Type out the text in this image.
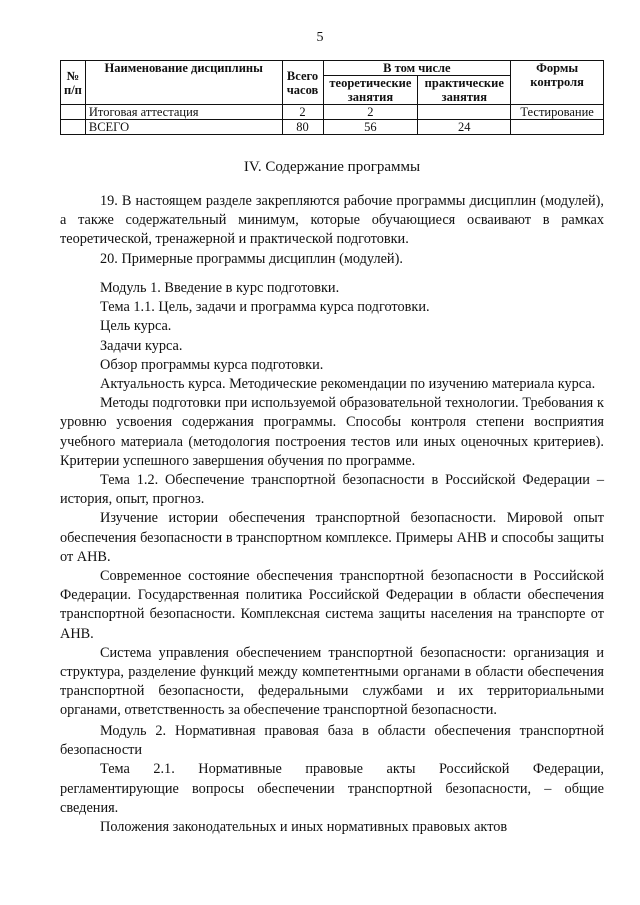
5
№ п/п	Наименование дисциплины	Всего часов	В том числе		Формы контроля
			теоретические занятия	практические занятия	
	Итоговая аттестация	2	2		Тестирование
	ВСЕГО	80	56	24	

IV. Содержание программы

19. В настоящем разделе закрепляются рабочие программы дисциплин (модулей), а также содержательный минимум, которые обучающиеся осваивают в рамках теоретической, тренажерной и практической подготовки.

20. Примерные программы дисциплин (модулей).

Модуль 1. Введение в курс подготовки.

Тема 1.1. Цель, задачи и программа курса подготовки.

Цель курса.

Задачи курса.

Обзор программы курса подготовки.

Актуальность курса. Методические рекомендации по изучению материала курса.

Методы подготовки при используемой образовательной технологии. Требования к уровню усвоения содержания программы. Способы контроля степени восприятия учебного материала (методология построения тестов или иных оценочных критериев). Критерии успешного завершения обучения по программе.

Тема 1.2. Обеспечение транспортной безопасности в Российской Федерации – история, опыт, прогноз.

Изучение истории обеспечения транспортной безопасности. Мировой опыт обеспечения безопасности в транспортном комплексе. Примеры АНВ и способы защиты от АНВ.

Современное состояние обеспечения транспортной безопасности в Российской Федерации. Государственная политика Российской Федерации в области обеспечения транспортной безопасности. Комплексная система защиты населения на транспорте от АНВ.

Система управления обеспечением транспортной безопасности: организация и структура, разделение функций между компетентными органами в области обеспечения транспортной безопасности, федеральными службами и их территориальными органами, ответственность за обеспечение транспортной безопасности.

Модуль 2. Нормативная правовая база в области обеспечения транспортной безопасности

Тема 2.1. Нормативные правовые акты Российской Федерации, регламентирующие вопросы обеспечении транспортной безопасности, – общие сведения.

Положения законодательных и иных нормативных правовых актов
